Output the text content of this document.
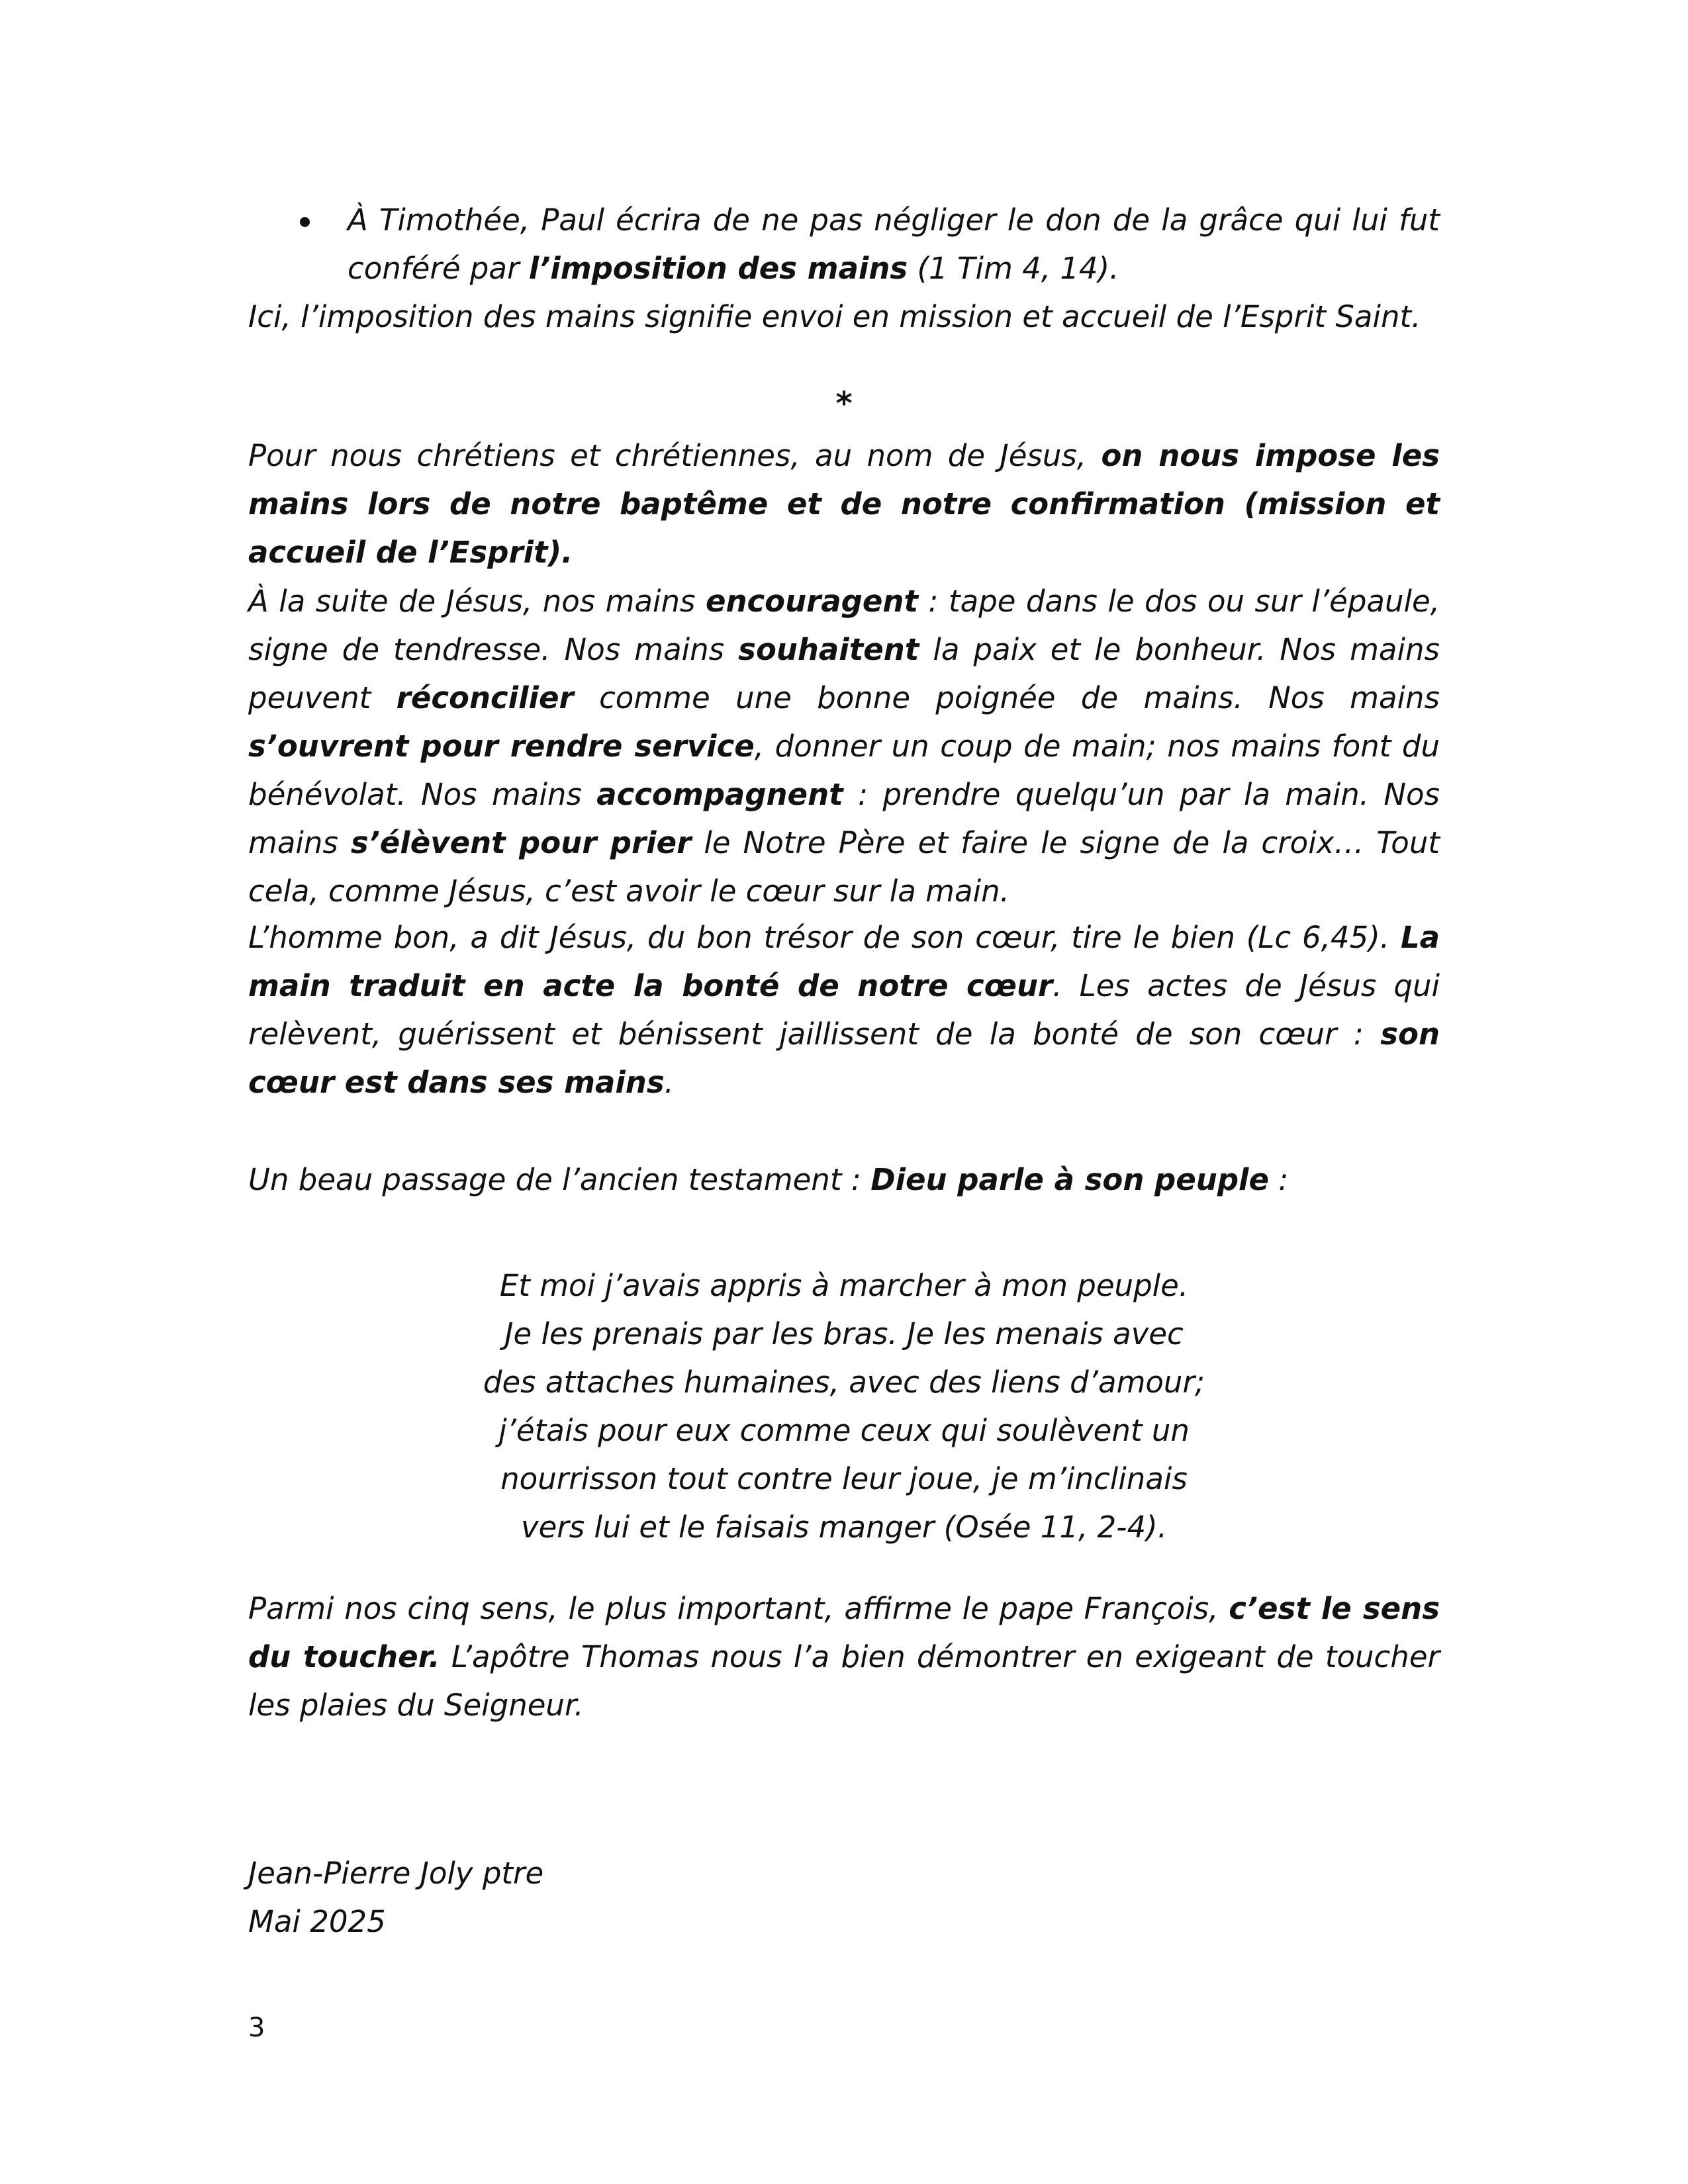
À Timothée, Paul écrira de ne pas négliger le don de la grâce qui lui fut conféré par l’imposition des mains (1 Tim 4, 14).

Ici, l’imposition des mains signifie envoi en mission et accueil de l’Esprit Saint.

*

Pour nous chrétiens et chrétiennes, au nom de Jésus, on nous impose les mains lors de notre baptême et de notre confirmation (mission et accueil de l’Esprit).

À la suite de Jésus, nos mains encouragent : tape dans le dos ou sur l’épaule, signe de tendresse. Nos mains souhaitent la paix et le bonheur. Nos mains peuvent réconcilier comme une bonne poignée de mains. Nos mains s’ouvrent pour rendre service, donner un coup de main; nos mains font du bénévolat. Nos mains accompagnent : prendre quelqu’un par la main. Nos mains s’élèvent pour prier le Notre Père et faire le signe de la croix… Tout cela, comme Jésus, c’est avoir le cœur sur la main.

L’homme bon, a dit Jésus, du bon trésor de son cœur, tire le bien (Lc 6,45). La main traduit en acte la bonté de notre cœur. Les actes de Jésus qui relèvent, guérissent et bénissent jaillissent de la bonté de son cœur : son cœur est dans ses mains.

Un beau passage de l’ancien testament : Dieu parle à son peuple :

Et moi j’avais appris à marcher à mon peuple.
Je les prenais par les bras. Je les menais avec
des attaches humaines, avec des liens d’amour;
j’étais pour eux comme ceux qui soulèvent un
nourrisson tout contre leur joue, je m’inclinais
vers lui et le faisais manger (Osée 11, 2-4).

Parmi nos cinq sens, le plus important, affirme le pape François, c’est le sens du toucher. L’apôtre Thomas nous l’a bien démontrer en exigeant de toucher les plaies du Seigneur.

Jean-Pierre Joly ptre
Mai 2025
3
